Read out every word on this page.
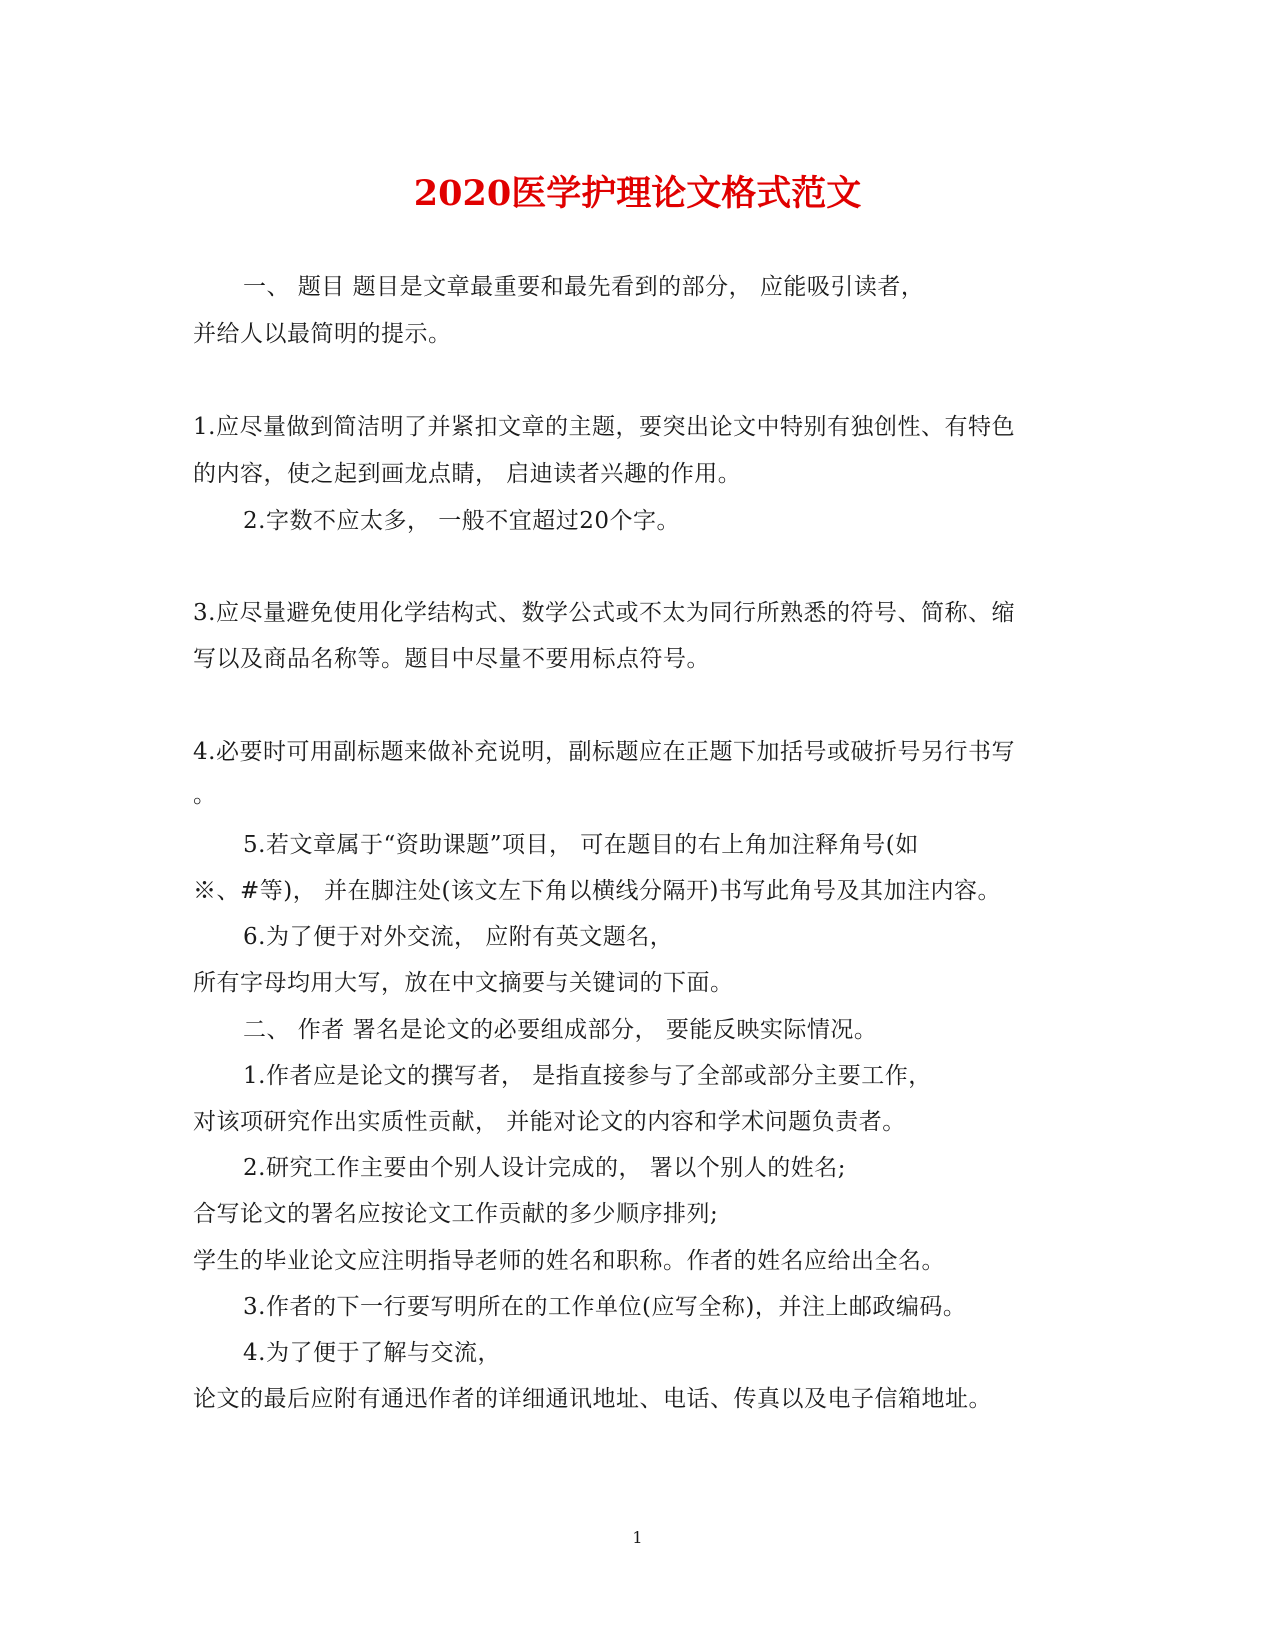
2020医学护理论文格式范文
一、 题目 题目是文章最重要和最先看到的部分， 应能吸引读者，
并给人以最简明的提示。
1.应尽量做到简洁明了并紧扣文章的主题，要突出论文中特别有独创性、有特色
的内容，使之起到画龙点睛， 启迪读者兴趣的作用。
2.字数不应太多， 一般不宜超过20个字。
3.应尽量避免使用化学结构式、数学公式或不太为同行所熟悉的符号、简称、缩
写以及商品名称等。题目中尽量不要用标点符号。
4.必要时可用副标题来做补充说明，副标题应在正题下加括号或破折号另行书写
。
5.若文章属于“资助课题”项目， 可在题目的右上角加注释角号(如
※、#等)， 并在脚注处(该文左下角以横线分隔开)书写此角号及其加注内容。
6.为了便于对外交流， 应附有英文题名，
所有字母均用大写，放在中文摘要与关键词的下面。
二、 作者 署名是论文的必要组成部分， 要能反映实际情况。
1.作者应是论文的撰写者， 是指直接参与了全部或部分主要工作，
对该项研究作出实质性贡献， 并能对论文的内容和学术问题负责者。
2.研究工作主要由个别人设计完成的， 署以个别人的姓名;
合写论文的署名应按论文工作贡献的多少顺序排列;
学生的毕业论文应注明指导老师的姓名和职称。作者的姓名应给出全名。
3.作者的下一行要写明所在的工作单位(应写全称)，并注上邮政编码。
4.为了便于了解与交流，
论文的最后应附有通迅作者的详细通讯地址、电话、传真以及电子信箱地址。
1
